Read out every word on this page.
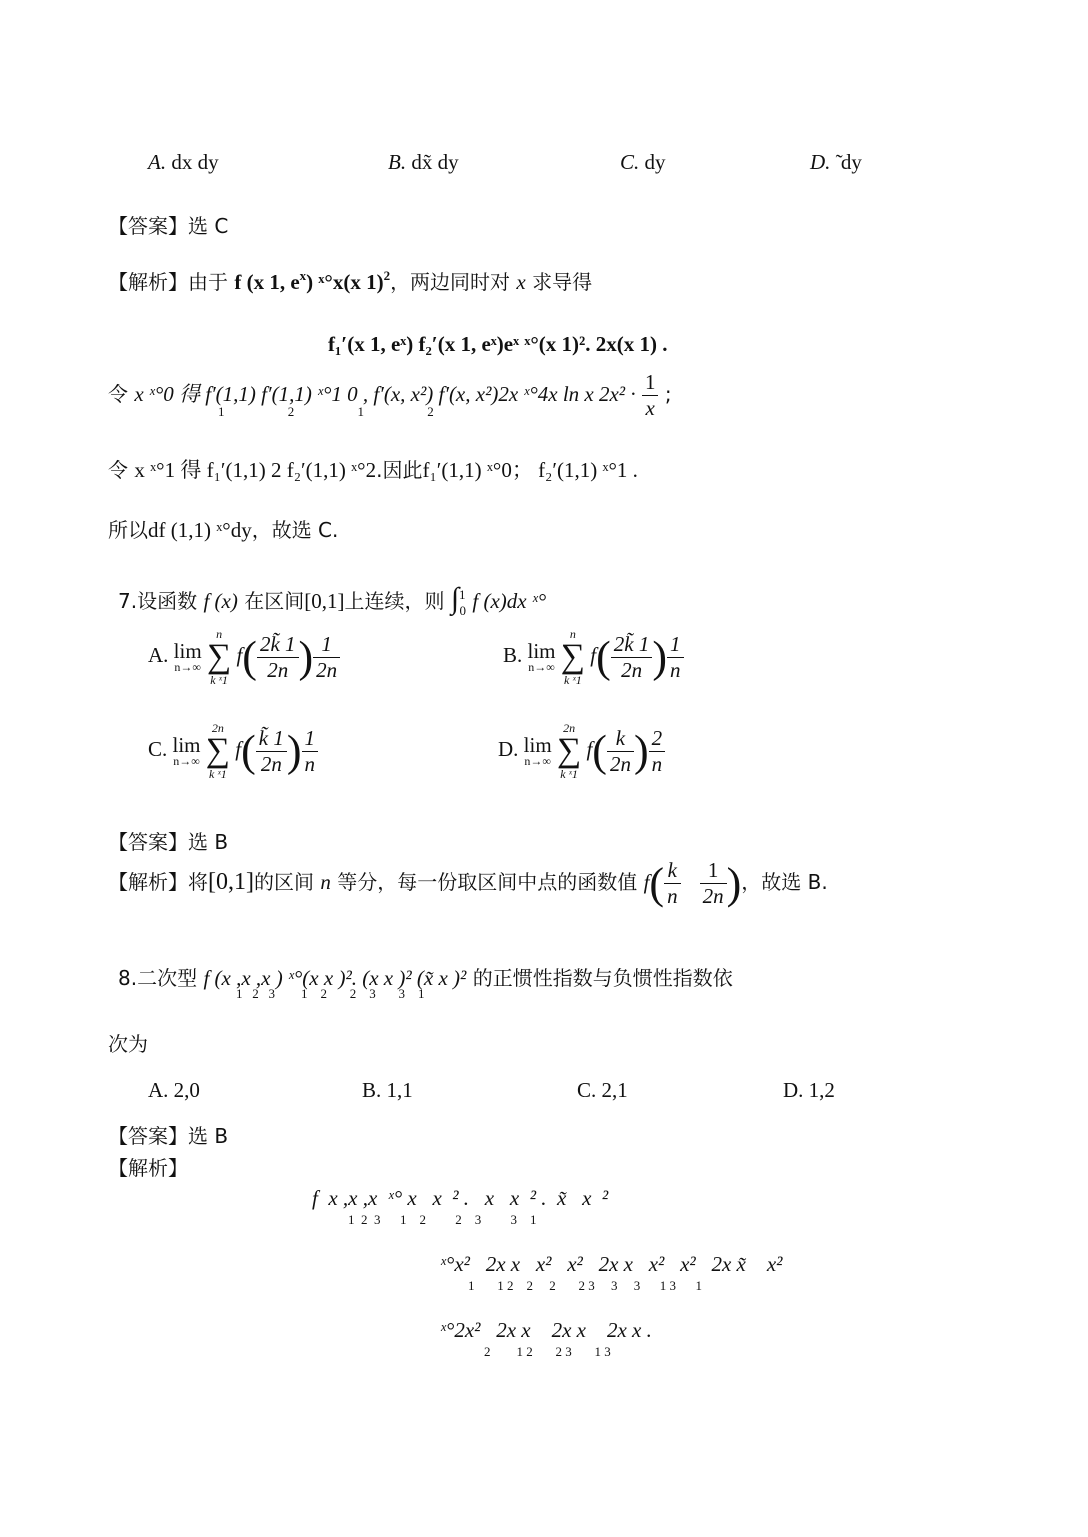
A. dx dy	B. dx̃ dy	C. dy	D. ̃ dy
【答案】选 C
【解析】由于 f (x 1, $e^x$) ˣ°x(x 1)$^2$，两边同时对 x 求导得
f₁′(x 1, eˣ) f₂′(x 1, eˣ)eˣ ˣ°(x 1)². 2x(x 1) .
令 x ˣ°0 得 f′(1,1) f′(1,1) ˣ°1 0 , f′(x, x²) f′(x, x²)2x ˣ°4x ln x $2x^2 \cdot \frac{1}{x}$ ;
1 2 1 2
令 x ˣ°1 得 f₁′(1,1) 2 f₂′(1,1) ˣ°2.因此f₁′(1,1) ˣ°0； f₂′(1,1) ˣ°1 .
所以df (1,1) ˣ°dy，故选 C.
7.设函数 f (x) 在区间[0,1]上连续，则 ∫$^1_0$ f (x)dx ˣ°
A. lim
n→∞

n
∑
k ˣ1
$f( \frac{2k̃ 1}{2n}$ ) $\frac{1}{2n}$	B. lim
n→∞

n
∑
k ˣ1
$f( \frac{2k̃ 1}{2n}$ ) $\frac{1}{n}$
C. lim
n→∞

2n
∑
k ˣ1
$f( \frac{k̃ 1}{2n}$ ) $\frac{1}{n}$	D. lim
n→∞

2n
∑
k ˣ1
$f( \frac{k}{2n}$ ) $\frac{2}{n}$
【答案】选 B
【解析】将[0,1]的区间 n 等分，每一份取区间中点的函数值 $f( \frac{k}{n}$
$\frac{1}{2n}$ )，故选 B.
8.二次型 f (x ,x ,x ) ˣ°(x x )². (x x )² (x̃ x )² 的正惯性指数与负惯性指数依
1   2   3        1    2       2    3       3    1
次为
A. 2,0	B. 1,1	C. 2,1	D. 1,2
【答案】选 B
【解析】
f  x ,x ,x  ˣ° x   x  ² .   x   x  ² .  x̃   x  ²
1  2  3      1    2         2    3         3    1
ˣ°x²   2x x   x²   x²   2x x   x²   x²   2x x̃    x²
1       1 2    2     2       2 3     3     3      1 3      1
ˣ°2x²   2x x    2x x    2x x .
2        1 2       2 3       1 3
